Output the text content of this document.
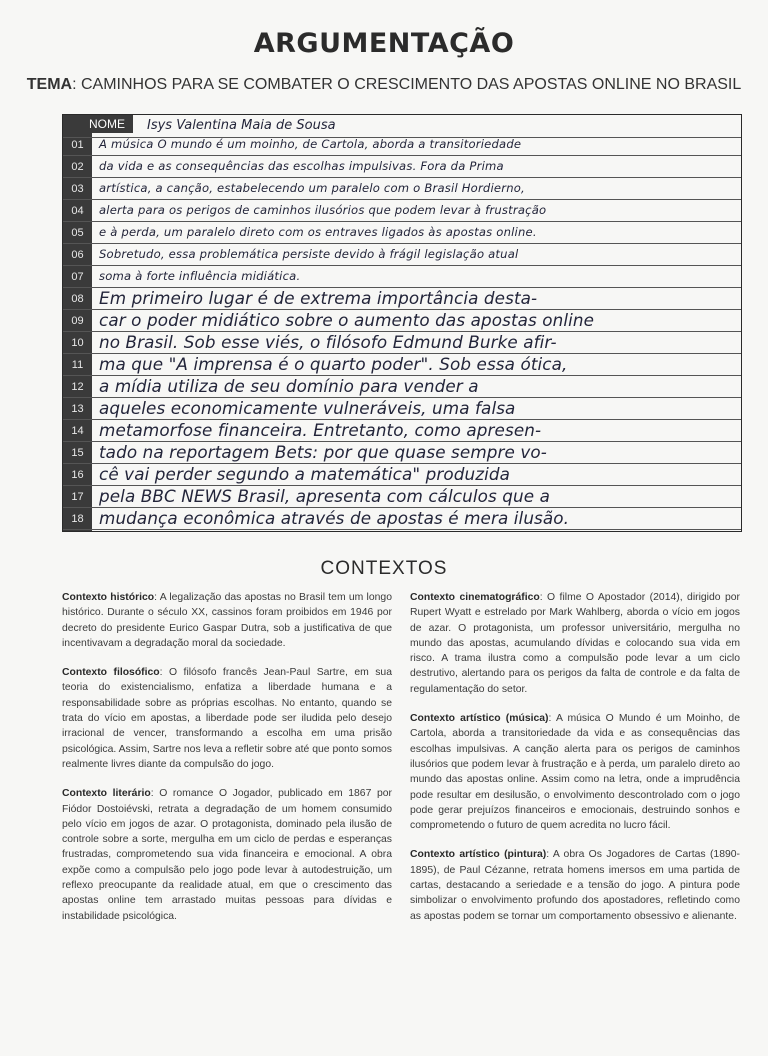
ARGUMENTAÇÃO
TEMA: CAMINHOS PARA SE COMBATER O CRESCIMENTO DAS APOSTAS ONLINE NO BRASIL
NOME	Isys Valentina Maia de Sousa
01	A música O mundo é um moinho, de Cartola, aborda a transitoriedade
02	da vida e as consequências das escolhas impulsivas. Fora da Prima
03	artística, a canção, estabelecendo um paralelo com o Brasil Hordierno,
04	alerta para os perigos de caminhos ilusórios que podem levar à frustração
05	e à perda, um paralelo direto com os entraves ligados às apostas online.
06	Sobretudo, essa problemática persiste devido à frágil legislação atual
07	soma à forte influência midiática.
08 Em primeiro lugar é de extrema importância desta-
09 car o poder midiático sobre o aumento das apostas online
10 no Brasil. Sob esse viés, o filósofo Edmund Burke afir-
11 ma que "A imprensa é o quarto poder". Sob essa ótica,
12 a mídia utiliza de seu domínio para vender a
13 aqueles economicamente vulneráveis, uma falsa
14 metamorfose financeira. Entretanto, como apresen-
15 tado na reportagem Bets: por que quase sempre vo-
16 cê vai perder segundo a matemática" produzida
17 pela BBC NEWS Brasil, apresenta com cálculos que a
18 mudança econômica através de apostas é mera ilusão.
CONTEXTOS
Contexto histórico: A legalização das apostas no Brasil tem um longo histórico. Durante o século XX, cassinos foram proibidos em 1946 por decreto do presidente Eurico Gaspar Dutra, sob a justificativa de que incentivavam a degradação moral da sociedade.
Contexto filosófico: O filósofo francês Jean-Paul Sartre, em sua teoria do existencialismo, enfatiza a liberdade humana e a responsabilidade sobre as próprias escolhas. No entanto, quando se trata do vício em apostas, a liberdade pode ser iludida pelo desejo irracional de vencer, transformando a escolha em uma prisão psicológica. Assim, Sartre nos leva a refletir sobre até que ponto somos realmente livres diante da compulsão do jogo.
Contexto literário: O romance O Jogador, publicado em 1867 por Fiódor Dostoiévski, retrata a degradação de um homem consumido pelo vício em jogos de azar. O protagonista, dominado pela ilusão de controle sobre a sorte, mergulha em um ciclo de perdas e esperanças frustradas, comprometendo sua vida financeira e emocional. A obra expõe como a compulsão pelo jogo pode levar à autodestruição, um reflexo preocupante da realidade atual, em que o crescimento das apostas online tem arrastado muitas pessoas para dívidas e instabilidade psicológica.
Contexto cinematográfico: O filme O Apostador (2014), dirigido por Rupert Wyatt e estrelado por Mark Wahlberg, aborda o vício em jogos de azar. O protagonista, um professor universitário, mergulha no mundo das apostas, acumulando dívidas e colocando sua vida em risco. A trama ilustra como a compulsão pode levar a um ciclo destrutivo, alertando para os perigos da falta de controle e da falta de regulamentação do setor.
Contexto artístico (música): A música O Mundo é um Moinho, de Cartola, aborda a transitoriedade da vida e as consequências das escolhas impulsivas. A canção alerta para os perigos de caminhos ilusórios que podem levar à frustração e à perda, um paralelo direto ao mundo das apostas online. Assim como na letra, onde a imprudência pode resultar em desilusão, o envolvimento descontrolado com o jogo pode gerar prejuízos financeiros e emocionais, destruindo sonhos e comprometendo o futuro de quem acredita no lucro fácil.
Contexto artístico (pintura): A obra Os Jogadores de Cartas (1890-1895), de Paul Cézanne, retrata homens imersos em uma partida de cartas, destacando a seriedade e a tensão do jogo. A pintura pode simbolizar o envolvimento profundo dos apostadores, refletindo como as apostas podem se tornar um comportamento obsessivo e alienante.
